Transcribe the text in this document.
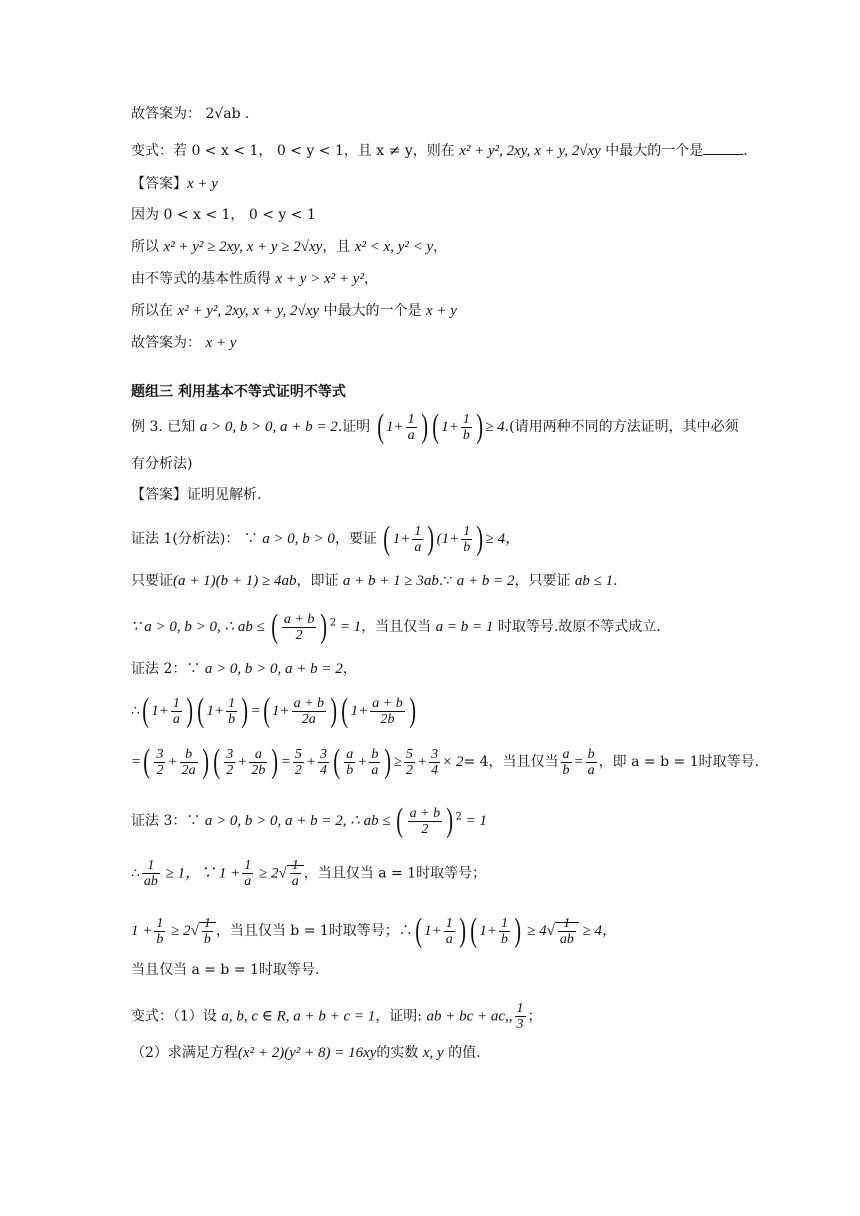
故答案为： 2√ab .
变式：若 0 < x < 1， 0 < y < 1，且 x ≠ y，则在 x² + y², 2xy, x + y, 2√xy 中最大的一个是	.
【答案】x + y
因为 0 < x < 1， 0 < y < 1
所以 x² + y² ≥ 2xy, x + y ≥ 2√xy，且 x² < x, y² < y，
由不等式的基本性质得 x + y > x² + y²，
所以在 x² + y², 2xy, x + y, 2√xy 中最大的一个是 x + y
故答案为： x + y
题组三 利用基本不等式证明不等式
例 3. 已知 a > 0, b > 0, a + b = 2.证明 ( $1+ \frac{1}{a}$ ) ( $1+ \frac{1}{b}$ ) ≥ 4.(请用两种不同的方法证明，其中必须
有分析法)
【答案】证明见解析.
证法 1(分析法)： ∵ a > 0, b > 0，要证 ( $1+ \frac{1}{a}$ ) ($1+ \frac{1}{b}$ ) ≥ 4，
只要证(a + 1)(b + 1) ≥ 4ab，即证 a + b + 1 ≥ 3ab.∵ a + b = 2，只要证 ab ≤ 1.
∵ a > 0, b > 0, ∴ ab ≤ ( $\frac{a + b}{2}$ ) $^2$ = 1，当且仅当 a = b = 1 时取等号.故原不等式成立.
证法 2：∵ a > 0, b > 0, a + b = 2，
∴( $1+ \frac{1}{a}$ ) ( $1+ \frac{1}{b}$ ) =( $1+ \frac{a + b}{2a}$ ) ( $1+ \frac{a + b}{2b}$ )
=( $\frac{3}{2} + \frac{b}{2a}$ ) ( $\frac{3}{2} + \frac{a}{2b}$ ) = $\frac{5}{2} + \frac{3}{4}$ ( $\frac{a}{b} + \frac{b}{a}$ ) ≥ $\frac{5}{2} + \frac{3}{4} \times 2= 4$，当且仅当 $\frac{a}{b} = \frac{b}{a}$ ，即 a = b = 1时取等号.
证法 3：∵ a > 0, b > 0, a + b = 2, ∴ ab ≤ ( $\frac{a + b}{2}$ ) $^2$ = 1
∴ $\frac{1}{ab} \ge 1$，∵ $1 + \frac{1}{a} \ge 2√ \frac{1}{a}$ ，当且仅当 a = 1时取等号；
$1 + \frac{1}{b} \ge 2√ \frac{1}{b}$ ，当且仅当 b = 1时取等号；∴( $1+ \frac{1}{a}$ ) ( $1+ \frac{1}{b}$ ) ≥ $4√ \frac{1}{ab} \ge 4$，
当且仅当 a = b = 1时取等号.
变式：（1）设 a, b, c ∈ R, a + b + c = 1，证明: ab + bc + ac,, $\frac{1}{3}$ ；
（2）求满足方程(x² + 2)(y² + 8) = 16xy的实数 x, y 的值.
